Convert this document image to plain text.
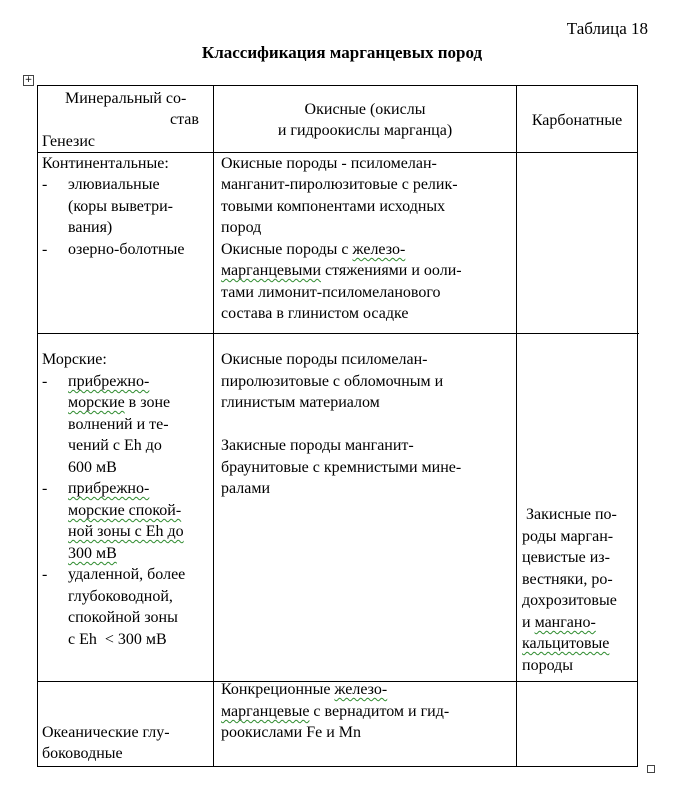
Таблица 18
Классификация марганцевых пород
+
Минеральный со-
став
Генезис
Окисные (окислы
и гидроокислы марганца)
Карбонатные
Континентальные:
- элювиальные
(коры выветри-
вания)
- озерно-болотные
Окисные породы - псиломелан-
манганит-пиролюзитовые с релик-
товыми компонентами исходных
пород
Окисные породы с железо-
марганцевыми стяжениями и ооли-
тами лимонит-псиломеланового
состава в глинистом осадке
Морские:
- прибрежно-
морские в зоне
волнений и те-
чений с Eh до
600 мВ
- прибрежно-
морские спокой-
ной зоны с Eh до
300 мВ
- удаленной, более
глубоководной,
спокойной зоны
с Eh  < 300 мВ
Окисные породы псиломелан-
пиролюзитовые с обломочным и
глинистым материалом
Закисные породы манганит-
браунитовые с кремнистыми мине-
ралами
Закисные по-
роды марган-
цевистые из-
вестняки, ро-
дохрозитовые
и мангано-
кальцитовые
породы
Океанические глу-
боководные
Конкреционные железо-
марганцевые с вернадитом и гид-
роокислами Fe и Mn
